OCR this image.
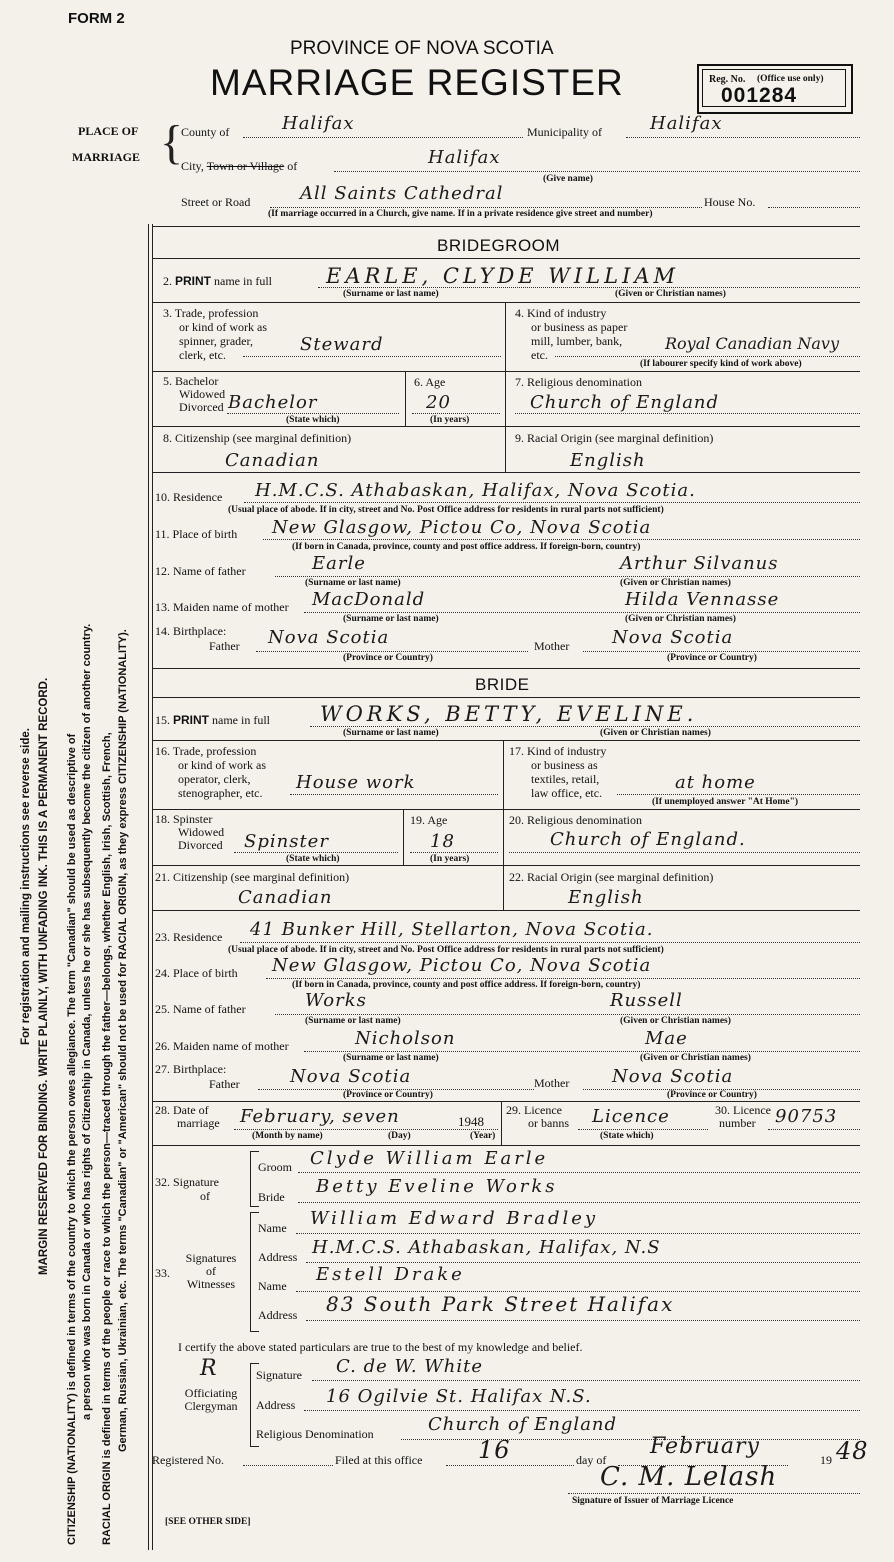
For registration and mailing instructions see reverse side. MARGIN RESERVED FOR BINDING. WRITE PLAINLY, WITH UNFADING INK. THIS IS A PERMANENT RECORD. CITIZENSHIP (NATIONALITY) is defined in terms of the country to which the person owes allegiance. The term "Canadian" should be used as descriptive of a person who was born in Canada or who has rights of Citizenship in Canada, unless he or she has subsequently become the citizen of another country. RACIAL ORIGIN is defined in terms of the people or race to which the person—traced through the father—belongs, whether English, Irish, Scottish, French, German, Russian, Ukrainian, etc. The terms "Canadian" or "American" should not be used for RACIAL ORIGIN, as they express CITIZENSHIP (NATIONALITY).
FORM 2
PROVINCE OF NOVA SCOTIA
MARRIAGE REGISTER	Reg. No. (Office use only)
001284
PLACE OF
MARRIAGE {
County of	Halifax	Municipality of	Halifax
City, Town or Village of	Halifax
(Give name)
Street or Road	All Saints Cathedral	House No.
(If marriage occurred in a Church, give name. If in a private residence give street and number)
BRIDEGROOM
2. PRINT name in full	EARLE, CLYDE WILLIAM
(Surname or last name)	(Given or Christian names)
3. Trade, profession
or kind of work as
spinner, grader,
clerk, etc.	Steward
4. Kind of industry
or business as paper
mill, lumber, bank,
etc.
Royal Canadian Navy
(If labourer specify kind of work above)
5. Bachelor
Widowed
Divorced Bachelor
(State which)
6. Age
20
(In years)
7. Religious denomination
Church of England
8. Citizenship (see marginal definition)
Canadian
9. Racial Origin (see marginal definition)
English
10. Residence H.M.C.S. Athabaskan, Halifax, Nova Scotia.
(Usual place of abode. If in city, street and No. Post Office address for residents in rural parts not sufficient)
11. Place of birth New Glasgow, Pictou Co, Nova Scotia
(If born in Canada, province, county and post office address. If foreign-born, country)
12. Name of father	Earle	Arthur Silvanus
(Surname or last name)	(Given or Christian names)
13. Maiden name of mother MacDonald	Hilda Vennasse
(Surname or last name)	(Given or Christian names)
14. Birthplace:
Father Nova Scotia	Mother Nova Scotia
(Province or Country)	(Province or Country)
BRIDE
15. PRINT name in full WORKS, BETTY, EVELINE.
(Surname or last name)	(Given or Christian names)
16. Trade, profession
or kind of work as
operator, clerk,
stenographer, etc. House work
17. Kind of industry
or business as
textiles, retail,
law office, etc.	at home
(If unemployed answer "At Home")
18. Spinster
Widowed
Divorced Spinster
(State which)
19. Age
18
(In years)
20. Religious denomination
Church of England.
21. Citizenship (see marginal definition)
Canadian
22. Racial Origin (see marginal definition)
English
23. Residence 41 Bunker Hill, Stellarton, Nova Scotia.
(Usual place of abode. If in city, street and No. Post Office address for residents in rural parts not sufficient)
24. Place of birth New Glasgow, Pictou Co, Nova Scotia
(If born in Canada, province, county and post office address. If foreign-born, country)
25. Name of father	Works	Russell
(Surname or last name)	(Given or Christian names)
26. Maiden name of mother	Nicholson	Mae
(Surname or last name)	(Given or Christian names)
27. Birthplace:
Father	Nova Scotia	Mother Nova Scotia
(Province or Country)	(Province or Country)
28. Date of
marriage February, seven	1948
(Month by name)	(Day)	(Year)
29. Licence
or banns Licence
(State which)
30. Licence
number	90753
32. Signature
of
Groom Clyde William Earle
Bride Betty Eveline Works
33.
Signatures
of
Witnesses
Name William Edward Bradley
Address H.M.C.S. Athabaskan, Halifax, N.S
Name
Estell Drake
Address 83 South Park Street Halifax
I certify the above stated particulars are true to the best of my knowledge and belief.
Officiating
Clergyman
R	Signature C. de W. White
Address 16 Ogilvie St. Halifax N.S.
Religious Denomination	Church of England
Registered No.	Filed at this office 16	day of
February
19 48
C. M. Lelash
Signature of Issuer of Marriage Licence
[SEE OTHER SIDE]
